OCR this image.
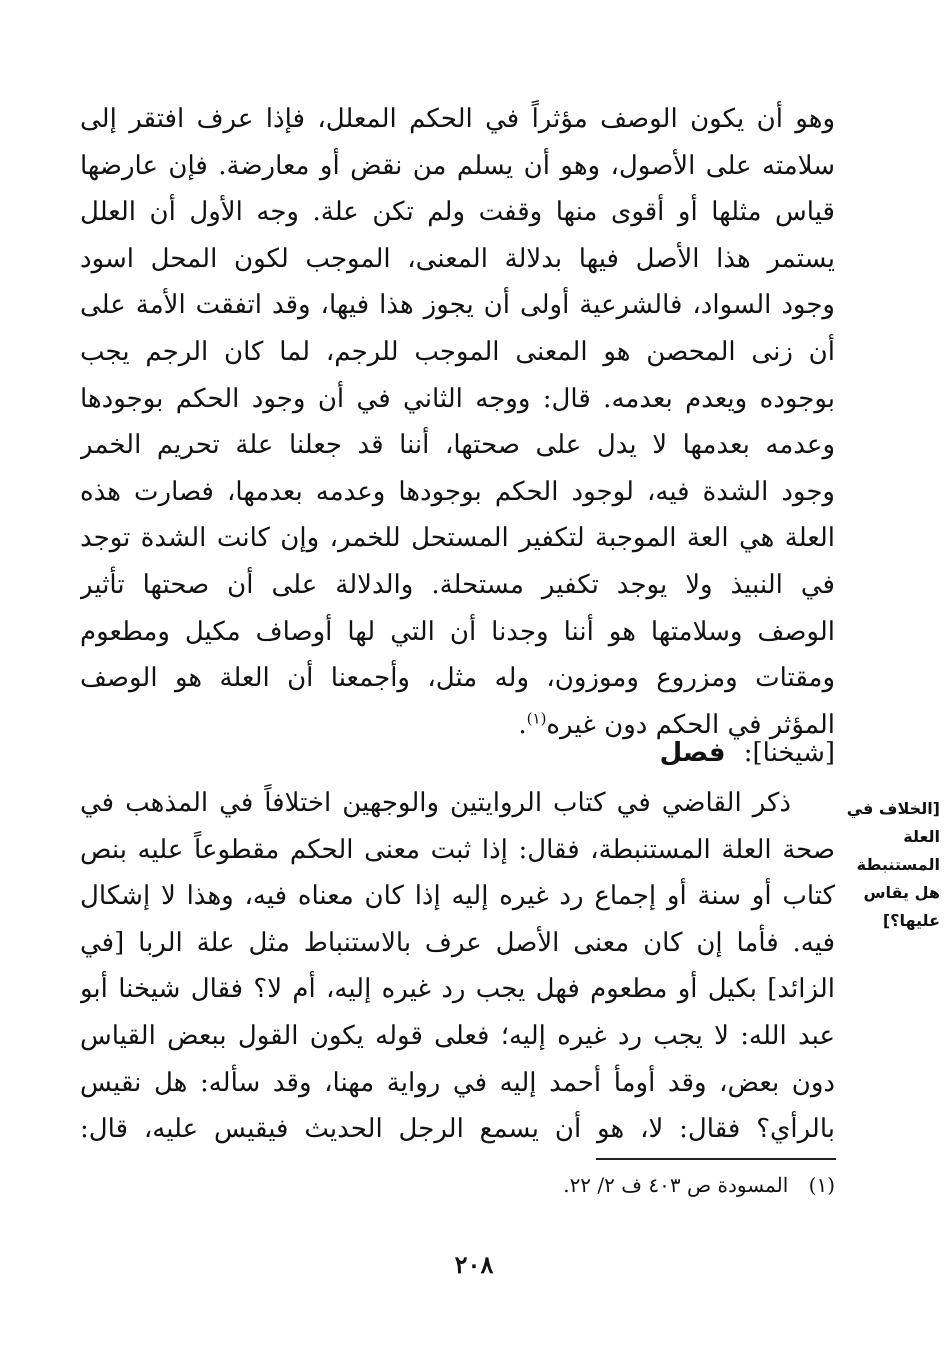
وهو أن يكون الوصف مؤثراً في الحكم المعلل، فإذا عرف افتقر إلى
سلامته على الأصول، وهو أن يسلم من نقض أو معارضة. فإن عارضها
قياس مثلها أو أقوى منها وقفت ولم تكن علة. وجه الأول أن العلل
يستمر هذا الأصل فيها بدلالة المعنى، الموجب لكون المحل اسود
وجود السواد، فالشرعية أولى أن يجوز هذا فيها، وقد اتفقت الأمة على
أن زنى المحصن هو المعنى الموجب للرجم، لما كان الرجم يجب
بوجوده ويعدم بعدمه. قال: ووجه الثاني في أن وجود الحكم بوجودها
وعدمه بعدمها لا يدل على صحتها، أننا قد جعلنا علة تحريم الخمر
وجود الشدة فيه، لوجود الحكم بوجودها وعدمه بعدمها، فصارت هذه
العلة هي العة الموجبة لتكفير المستحل للخمر، وإن كانت الشدة توجد
في النبيذ ولا يوجد تكفير مستحلة. والدلالة على أن صحتها تأثير
الوصف وسلامتها هو أننا وجدنا أن التي لها أوصاف مكيل ومطعوم
ومقتات ومزروع وموزون، وله مثل، وأجمعنا أن العلة هو الوصف
المؤثر في الحكم دون غيره$^{(١)}$.
[شيخنا]: فصل
ذكر القاضي في كتاب الروايتين والوجهين اختلافاً في المذهب في
صحة العلة المستنبطة، فقال: إذا ثبت معنى الحكم مقطوعاً عليه بنص
كتاب أو سنة أو إجماع رد غيره إليه إذا كان معناه فيه، وهذا لا إشكال
فيه. فأما إن كان معنى الأصل عرف بالاستنباط مثل علة الربا [في
الزائد] بكيل أو مطعوم فهل يجب رد غيره إليه، أم لا؟ فقال شيخنا أبو
عبد الله: لا يجب رد غيره إليه؛ فعلى قوله يكون القول ببعض القياس
دون بعض، وقد أومأ أحمد إليه في رواية مهنا، وقد سأله: هل نقيس
بالرأي؟ فقال: لا، هو أن يسمع الرجل الحديث فيقيس عليه، قال:
[الخلاف في
العلة
المستنبطة
هل يقاس
عليها؟]
(١) المسودة ص ٤٠٣ ف ٢/ ٢٢.
٢٠٨
